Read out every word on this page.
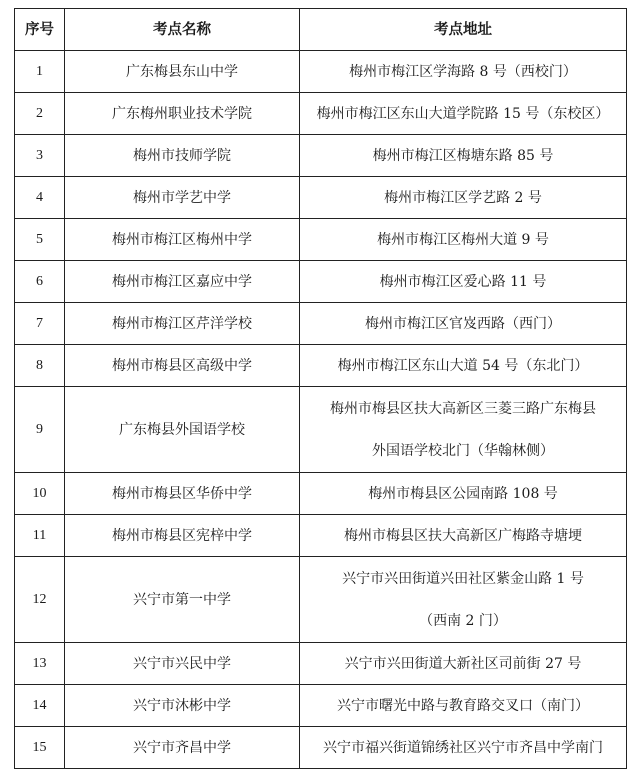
序号	考点名称	考点地址
1	广东梅县东山中学	梅州市梅江区学海路 8 号（西校门）

2	广东梅州职业技术学院	梅州市梅江区东山大道学院路 15 号（东校区）

3	梅州市技师学院	梅州市梅江区梅塘东路 85 号

4	梅州市学艺中学	梅州市梅江区学艺路 2 号

5	梅州市梅江区梅州中学	梅州市梅江区梅州大道 9 号

6	梅州市梅江区嘉应中学	梅州市梅江区爱心路 11 号

7	梅州市梅江区芹洋学校	梅州市梅江区官岌西路（西门）

8	梅州市梅县区高级中学	梅州市梅江区东山大道 54 号（东北门）

9	广东梅县外国语学校	梅州市梅县区扶大高新区三菱三路广东梅县
外国语学校北门（华翰林侧）

10	梅州市梅县区华侨中学	梅州市梅县区公园南路 108 号

11	梅州市梅县区宪梓中学	梅州市梅县区扶大高新区广梅路寺塘埂

12	兴宁市第一中学	兴宁市兴田街道兴田社区紫金山路 1 号
（西南 2 门）

13	兴宁市兴民中学	兴宁市兴田街道大新社区司前街 27 号

14	兴宁市沐彬中学	兴宁市曙光中路与教育路交叉口（南门）

15	兴宁市齐昌中学	兴宁市福兴街道锦绣社区兴宁市齐昌中学南门
